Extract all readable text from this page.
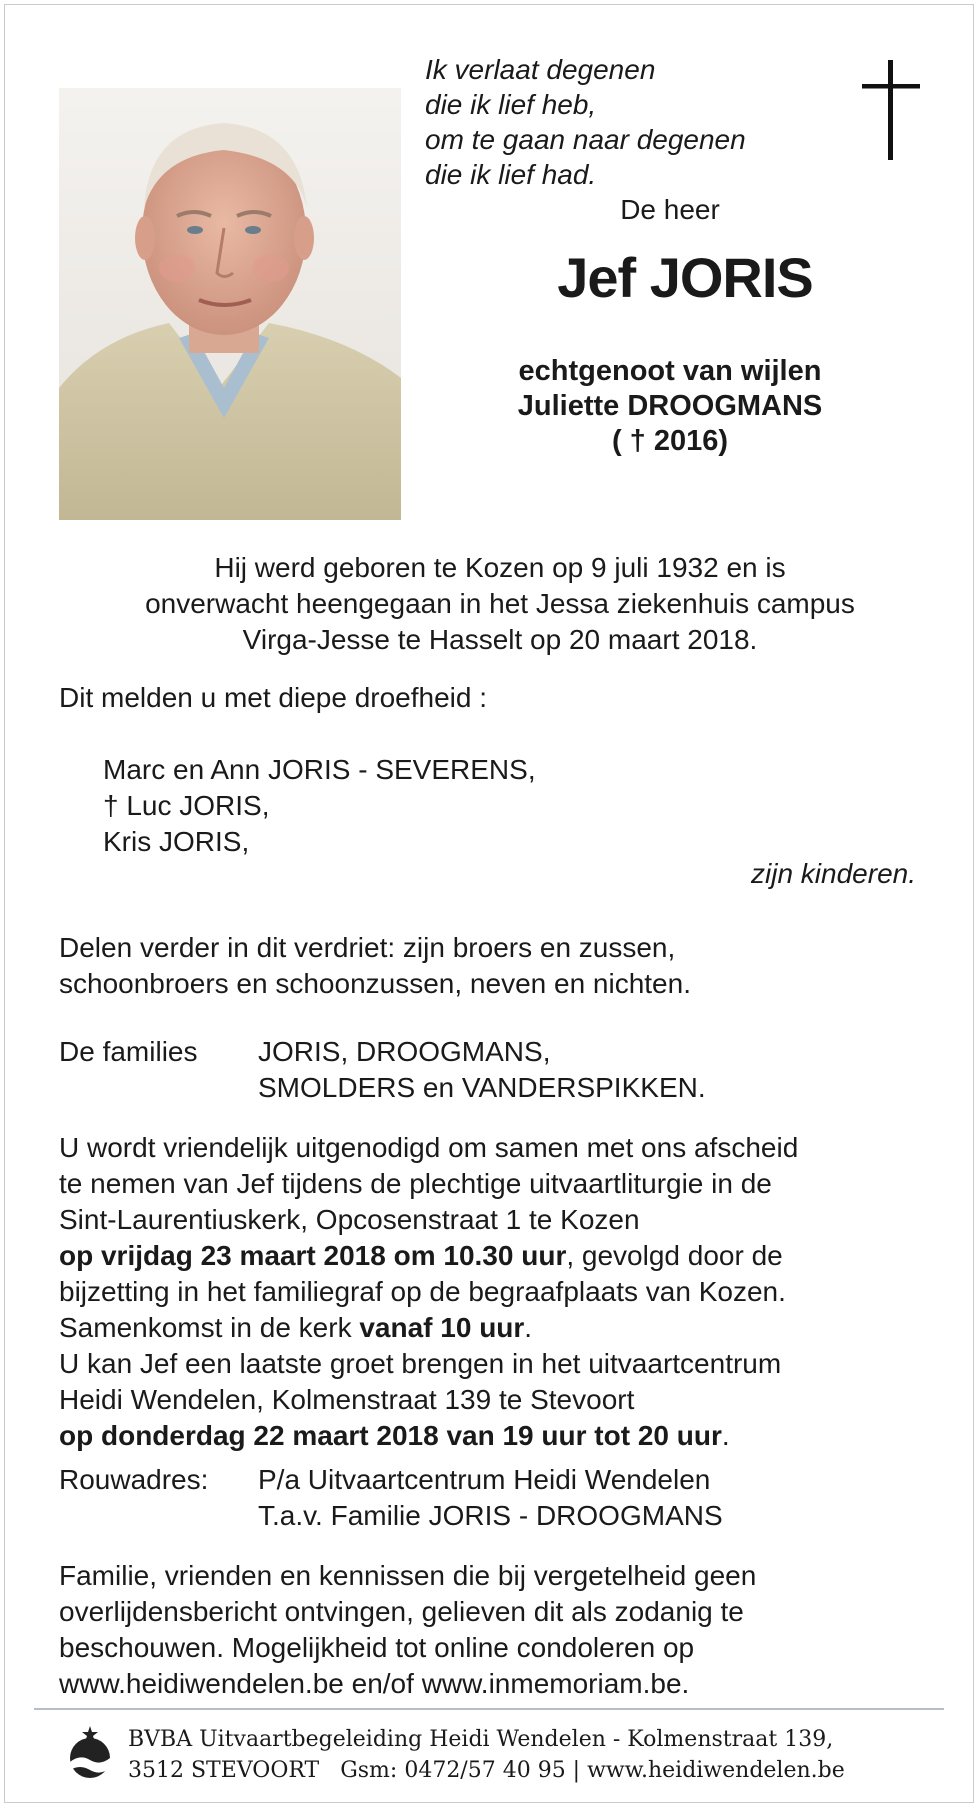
Ik verlaat degenen
die ik lief heb,
om te gaan naar degenen
die ik lief had.
De heer
Jef JORIS
echtgenoot van wijlen
Juliette DROOGMANS
( † 2016)
Hij werd geboren te Kozen op 9 juli 1932 en is
onverwacht heengegaan in het Jessa ziekenhuis campus
Virga-Jesse te Hasselt op 20 maart 2018.
Dit melden u met diepe droefheid :
Marc en Ann JORIS - SEVERENS,
† Luc JORIS,
Kris JORIS,
zijn kinderen.
Delen verder in dit verdriet: zijn broers en zussen,
schoonbroers en schoonzussen, neven en nichten.
De families JORIS, DROOGMANS,
SMOLDERS en VANDERSPIKKEN.
U wordt vriendelijk uitgenodigd om samen met ons afscheid
te nemen van Jef tijdens de plechtige uitvaartliturgie in de
Sint-Laurentiuskerk, Opcosenstraat 1 te Kozen
op vrijdag 23 maart 2018 om 10.30 uur, gevolgd door de
bijzetting in het familiegraf op de begraafplaats van Kozen.
Samenkomst in de kerk vanaf 10 uur.
U kan Jef een laatste groet brengen in het uitvaartcentrum
Heidi Wendelen, Kolmenstraat 139 te Stevoort
op donderdag 22 maart 2018 van 19 uur tot 20 uur.
Rouwadres: P/a Uitvaartcentrum Heidi Wendelen
T.a.v. Familie JORIS - DROOGMANS
Familie, vrienden en kennissen die bij vergetelheid geen
overlijdensbericht ontvingen, gelieven dit als zodanig te
beschouwen. Mogelijkheid tot online condoleren op
www.heidiwendelen.be en/of www.inmemoriam.be.
BVBA Uitvaartbegeleiding Heidi Wendelen - Kolmenstraat 139,
3512 STEVOORT   Gsm: 0472/57 40 95 | www.heidiwendelen.be
